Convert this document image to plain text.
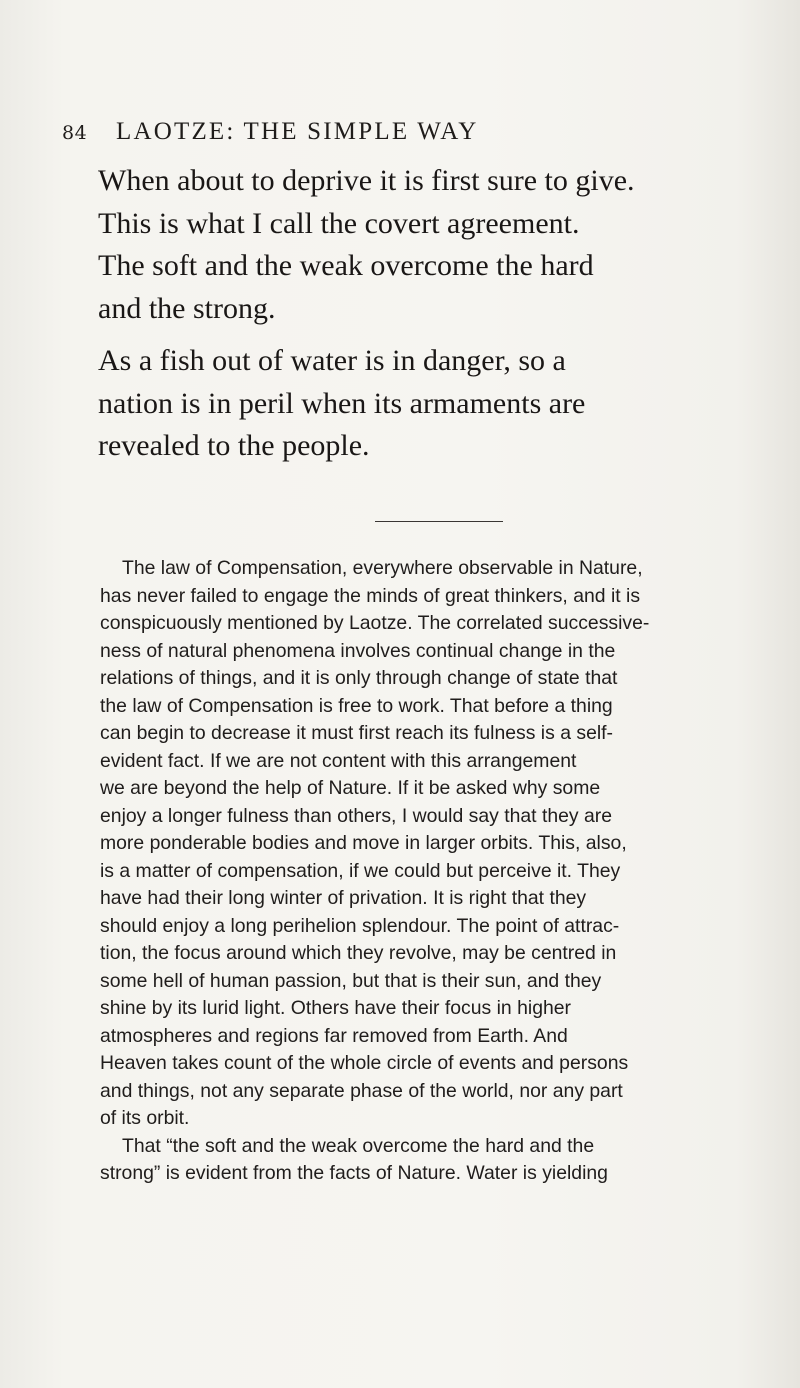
84 LAOTZE: THE SIMPLE WAY
When about to deprive it is first sure to give.
This is what I call the covert agreement.
The soft and the weak overcome the hard
and the strong.
As a fish out of water is in danger, so a
nation is in peril when its armaments are
revealed to the people.
The law of Compensation, everywhere observable in Nature,
has never failed to engage the minds of great thinkers, and it is
conspicuously mentioned by Laotze. The correlated successive-
ness of natural phenomena involves continual change in the
relations of things, and it is only through change of state that
the law of Compensation is free to work. That before a thing
can begin to decrease it must first reach its fulness is a self-
evident fact. If we are not content with this arrangement
we are beyond the help of Nature. If it be asked why some
enjoy a longer fulness than others, I would say that they are
more ponderable bodies and move in larger orbits. This, also,
is a matter of compensation, if we could but perceive it. They
have had their long winter of privation. It is right that they
should enjoy a long perihelion splendour. The point of attrac-
tion, the focus around which they revolve, may be centred in
some hell of human passion, but that is their sun, and they
shine by its lurid light. Others have their focus in higher
atmospheres and regions far removed from Earth. And
Heaven takes count of the whole circle of events and persons
and things, not any separate phase of the world, nor any part
of its orbit.
That “the soft and the weak overcome the hard and the
strong” is evident from the facts of Nature. Water is yielding
